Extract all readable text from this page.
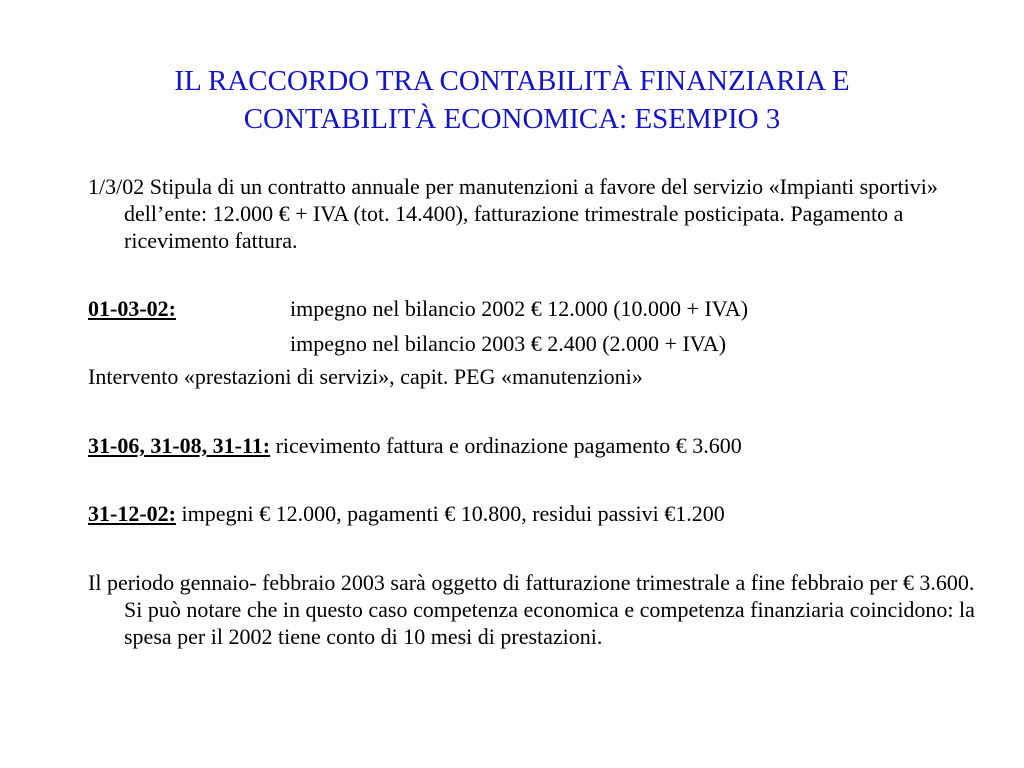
IL RACCORDO TRA CONTABILITÀ FINANZIARIA E
CONTABILITÀ ECONOMICA: ESEMPIO 3
1/3/02 Stipula di un contratto annuale per manutenzioni a favore del servizio «Impianti sportivi» dell’ente: 12.000 € + IVA (tot. 14.400), fatturazione trimestrale posticipata. Pagamento a ricevimento fattura.
01-03-02:	impegno nel bilancio 2002 € 12.000 (10.000 + IVA)
impegno nel bilancio 2003 € 2.400 (2.000 + IVA)
Intervento «prestazioni di servizi», capit. PEG «manutenzioni»
31-06, 31-08, 31-11: ricevimento fattura e ordinazione pagamento € 3.600
31-12-02: impegni € 12.000, pagamenti € 10.800, residui passivi €1.200
Il periodo gennaio- febbraio 2003 sarà oggetto di fatturazione trimestrale a fine febbraio per € 3.600. Si può notare che in questo caso competenza economica e competenza finanziaria coincidono: la spesa per il 2002 tiene conto di 10 mesi di prestazioni.
